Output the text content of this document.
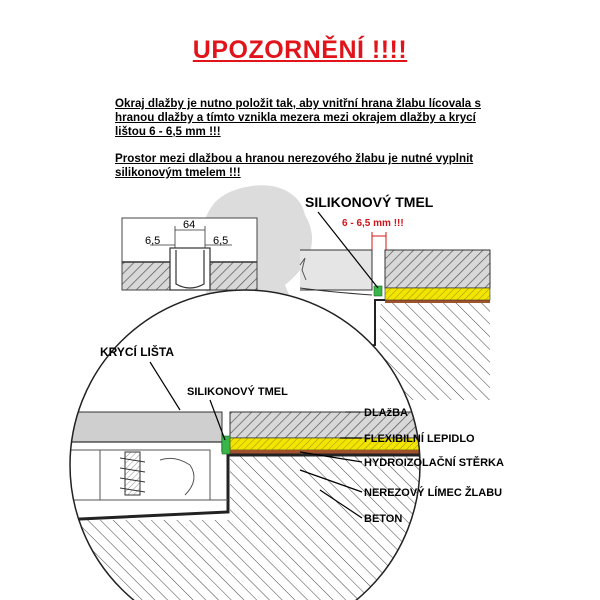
UPOZORNĚNÍ !!!!

Okraj dlažby je nutno položit tak, aby vnitřní hrana žlabu lícovala s hranou dlažby a tímto vznikla mezera mezi okrajem dlažby a krycí lištou 6 - 6,5 mm !!!

Prostor mezi dlažbou a hranou nerezového žlabu je nutné vyplnit silikonovým tmelem !!!

64
6,5	6,5
SILIKONOVÝ TMEL
6 - 6,5 mm !!!
KRYCÍ LIŠTA
SILIKONOVÝ TMEL
DLAžBA
FLEXIBILNÍ LEPIDLO
HYDROIZOLAČNÍ STĚRKA
NEREZOVÝ LÍMEC ŽLABU
BETON
